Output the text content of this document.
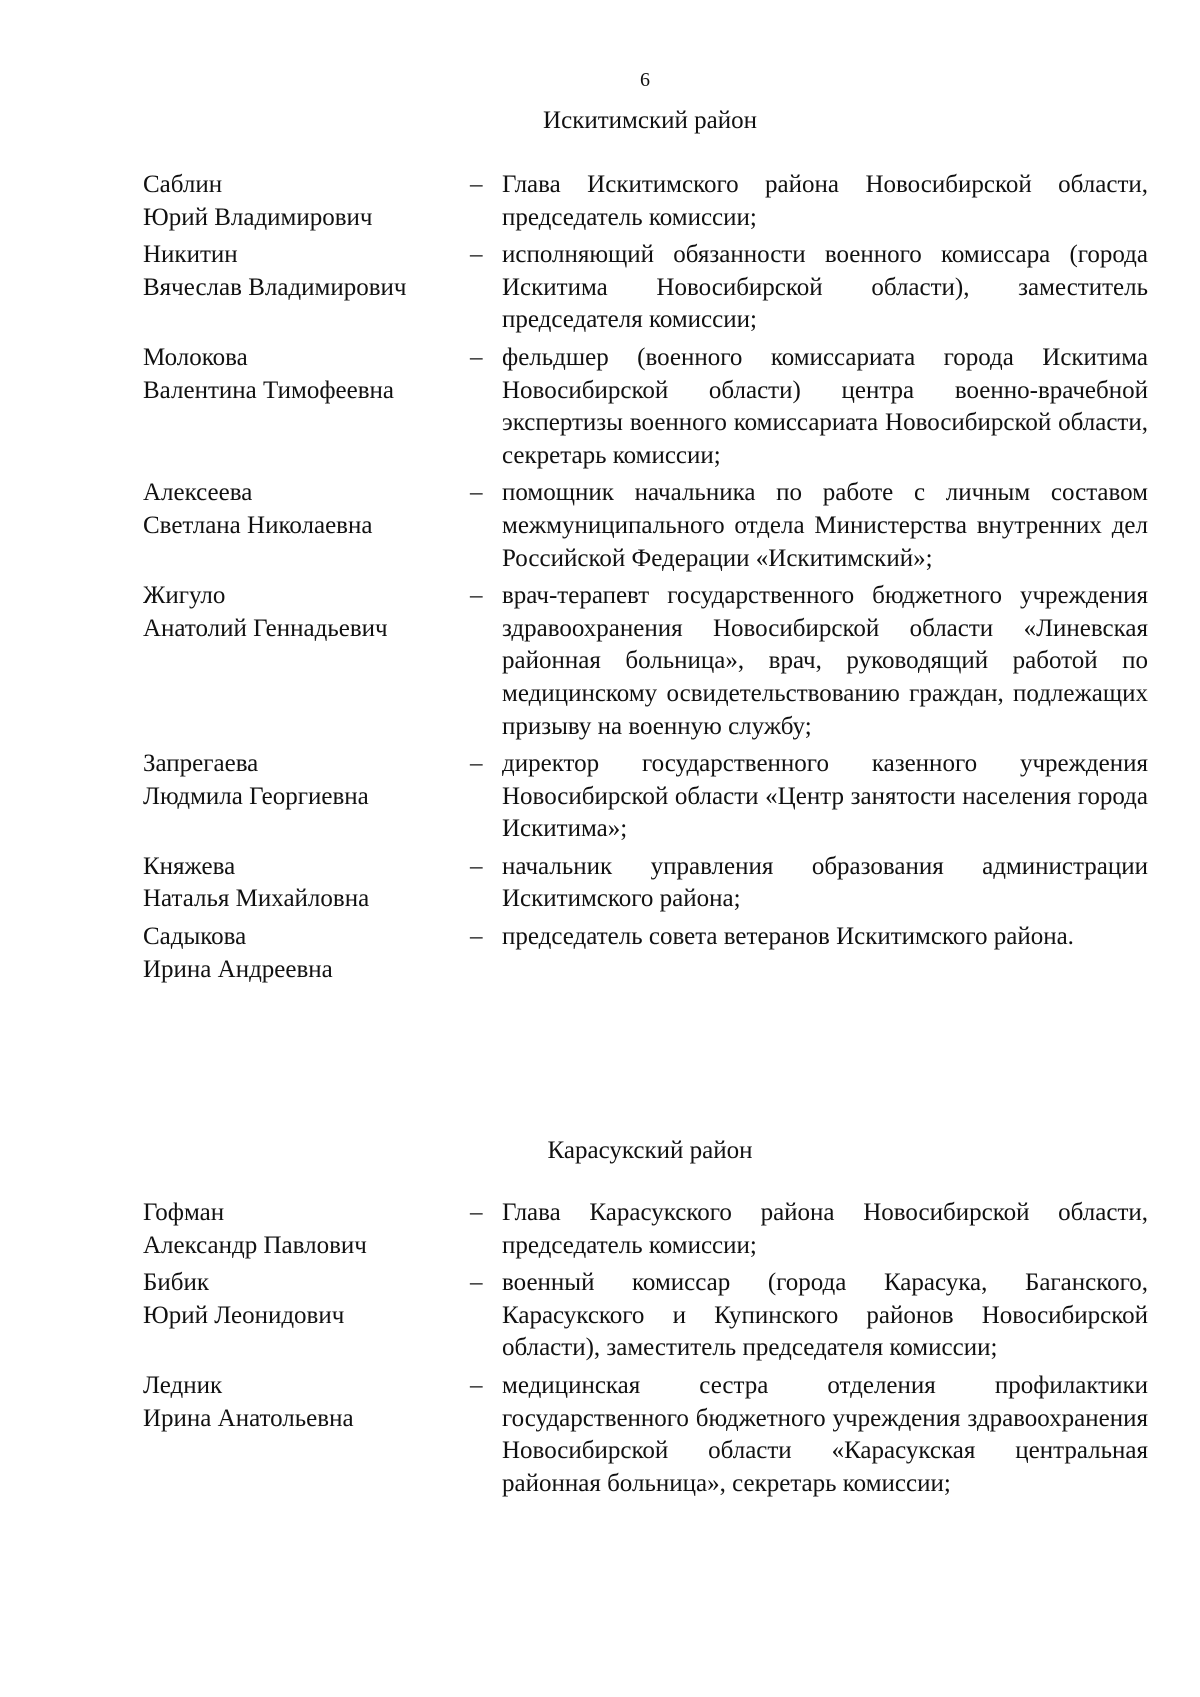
6
Искитимский район
Саблин
Юрий Владимирович
– Глава Искитимского района Новосибирской области, председатель комиссии;
Никитин
Вячеслав Владимирович
– исполняющий обязанности военного комиссара (города Искитима Новосибирской области), заместитель председателя комиссии;
Молокова
Валентина Тимофеевна
– фельдшер (военного комиссариата города Искитима Новосибирской области) центра военно-врачебной экспертизы военного комиссариата Новосибирской области, секретарь комиссии;
Алексеева
Светлана Николаевна
– помощник начальника по работе с личным составом межмуниципального отдела Министерства внутренних дел Российской Федерации «Искитимский»;
Жигуло
Анатолий Геннадьевич
– врач-терапевт государственного бюджетного учреждения здравоохранения Новосибирской области «Линевская районная больница», врач, руководящий работой по медицинскому освидетельствованию граждан, подлежащих призыву на военную службу;
Запрегаева
Людмила Георгиевна
– директор государственного казенного учреждения Новосибирской области «Центр занятости населения города Искитима»;
Княжева
Наталья Михайловна
– начальник управления образования администрации Искитимского района;
Садыкова
Ирина Андреевна
– председатель совета ветеранов Искитимского района.
Карасукский район
Гофман
Александр Павлович
– Глава Карасукского района Новосибирской области, председатель комиссии;
Бибик
Юрий Леонидович
– военный комиссар (города Карасука, Баганского, Карасукского и Купинского районов Новосибирской области), заместитель председателя комиссии;
Ледник
Ирина Анатольевна
– медицинская сестра отделения профилактики государственного бюджетного учреждения здравоохранения Новосибирской области «Карасукская центральная районная больница», секретарь комиссии;
